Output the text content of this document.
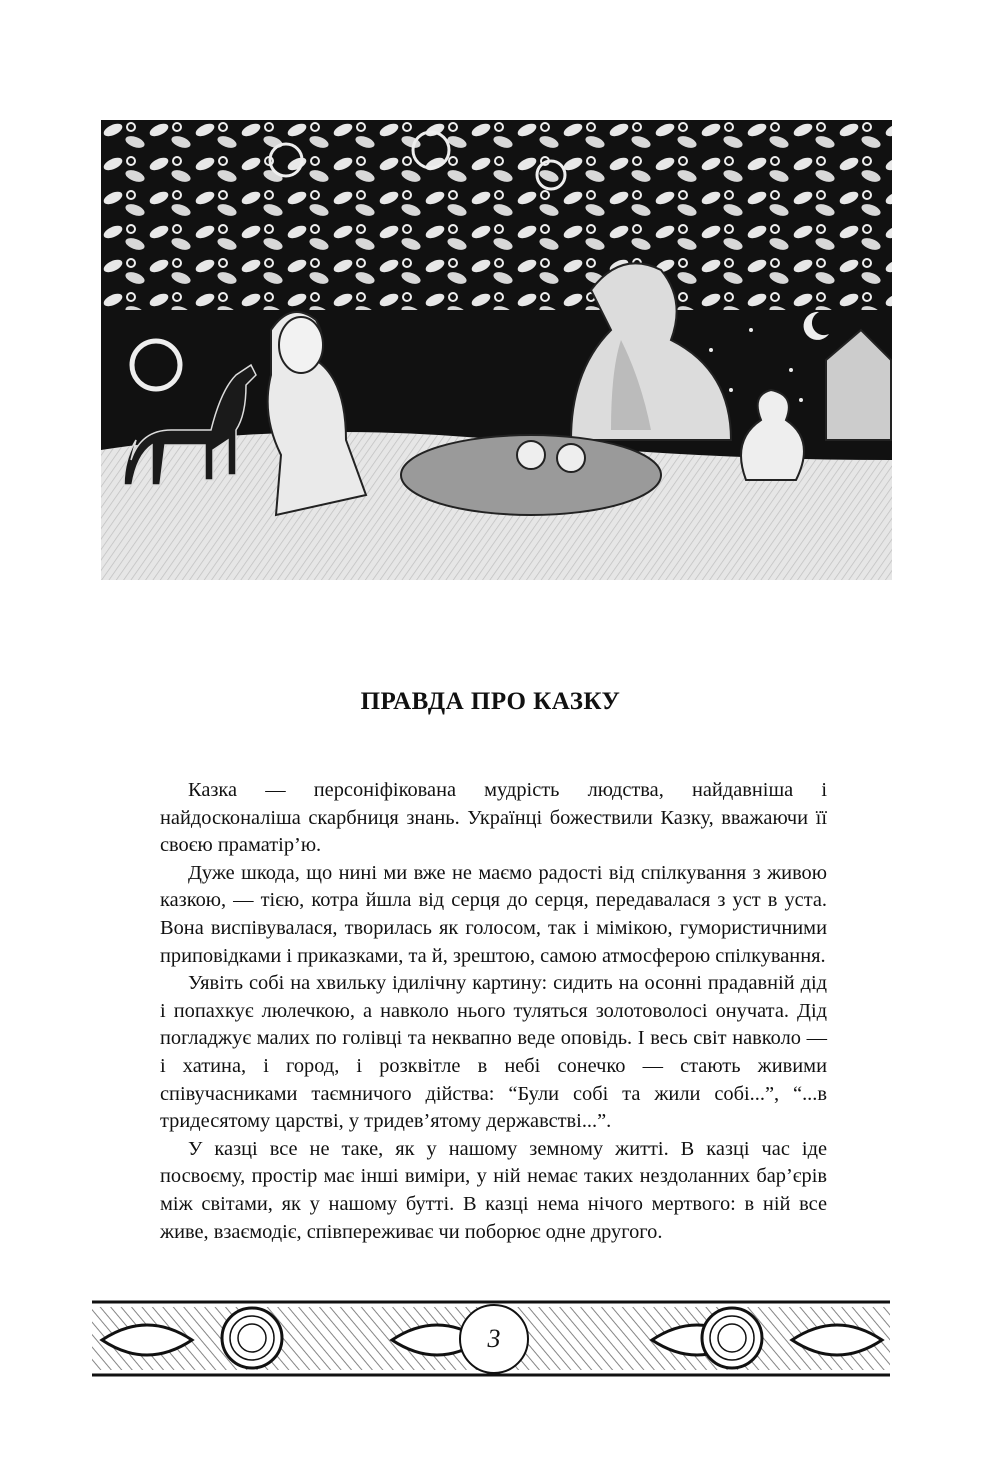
ПРАВДА ПРО КАЗКУ

Казка — персоніфікована мудрість людства, найдавніша і найдосконаліша скарбниця знань. Українці божествили Казку, вважаючи її своєю праматір’ю.

Дуже шкода, що нині ми вже не маємо радості від спілкування з живою казкою, — тією, котра йшла від серця до серця, передавалася з уст в уста. Вона виспівувалася, творилась як голосом, так і мімікою, гумористичними приповідками і приказками, та й, зрештою, самою атмосферою спілкування.

Уявіть собі на хвильку ідилічну картину: сидить на осонні прадавній дід і попахкує люлечкою, а навколо нього туляться золотоволосі онучата. Дід погладжує малих по голівці та неквапно веде оповідь. І весь світ навколо — і хатина, і город, і розквітле в небі сонечко — стають живими співучасниками таємничого дійства: “Були собі та жили собі...”, “...в тридесятому царстві, у тридев’ятому державстві...”.

У казці все не таке, як у нашому земному житті. В казці час іде посвоєму, простір має інші виміри, у ній немає таких нездоланних бар’єрів між світами, як у нашому бутті. В казці нема нічого мертвого: в ній все живе, взаємодіє, співпереживає чи поборює одне другого.

3
